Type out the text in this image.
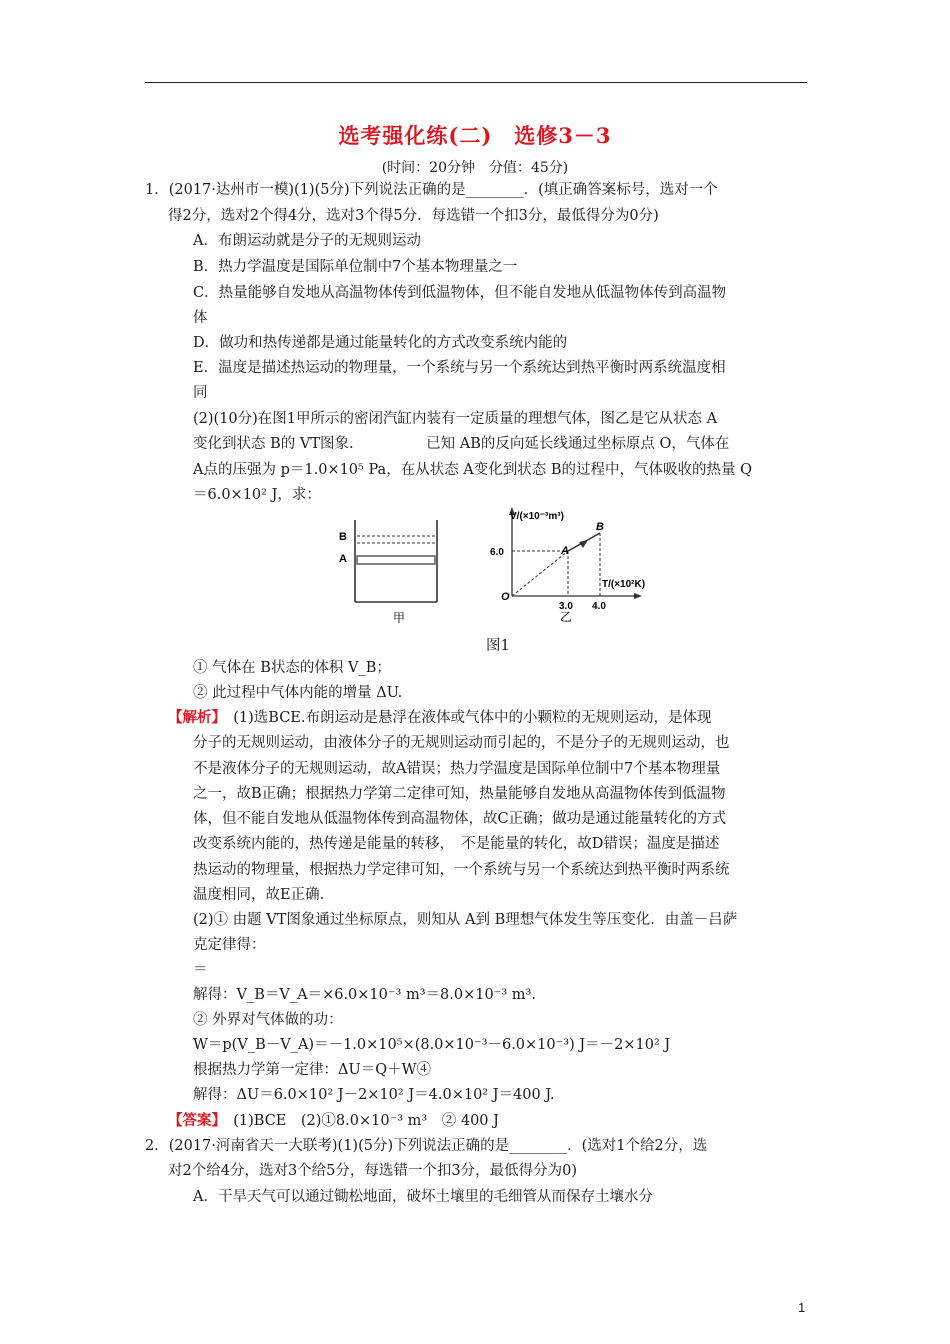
选考强化练(二)　选修3－3
(时间：20分钟　分值：45分)
1．(2017·达州市一模)(1)(5分)下列说法正确的是________．(填正确答案标号，选对一个
得2分，选对2个得4分，选对3个得5分．每选错一个扣3分，最低得分为0分)
A．布朗运动就是分子的无规则运动
B．热力学温度是国际单位制中7个基本物理量之一
C．热量能够自发地从高温物体传到低温物体，但不能自发地从低温物体传到高温物
体
D．做功和热传递都是通过能量转化的方式改变系统内能的
E．温度是描述热运动的物理量，一个系统与另一个系统达到热平衡时两系统温度相
同
(2)(10分)在图1甲所示的密闭汽缸内装有一定质量的理想气体，图乙是它从状态 A
变化到状态 B的 VT图象.　　　　　已知 AB的反向延长线通过坐标原点 O，气体在
A点的压强为 p＝1.0×10⁵ Pa，在从状态 A变化到状态 B的过程中，气体吸收的热量 Q
＝6.0×10² J，求：
B
A
甲
V/(×10⁻³m³)
T/(×10²K)
6.0
3.0 4.0
O
A
B
乙
图1
① 气体在 B状态的体积 V_B；
② 此过程中气体内能的增量 ΔU.
【解析】　(1)选BCE.布朗运动是悬浮在液体或气体中的小颗粒的无规则运动，是体现
分子的无规则运动，由液体分子的无规则运动而引起的，不是分子的无规则运动，也
不是液体分子的无规则运动，故A错误；热力学温度是国际单位制中7个基本物理量
之一，故B正确；根据热力学第二定律可知，热量能够自发地从高温物体传到低温物
体，但不能自发地从低温物体传到高温物体，故C正确；做功是通过能量转化的方式
改变系统内能的，热传递是能量的转移，　不是能量的转化，故D错误；温度是描述
热运动的物理量，根据热力学定律可知，一个系统与另一个系统达到热平衡时两系统
温度相同，故E正确.
(2)① 由题 VT图象通过坐标原点，则知从 A到 B理想气体发生等压变化．由盖－吕萨
克定律得：
＝
解得：V_B＝V_A＝×6.0×10⁻³ m³＝8.0×10⁻³ m³.
② 外界对气体做的功：
W＝p(V_B－V_A)＝－1.0×10⁵×(8.0×10⁻³－6.0×10⁻³) J＝－2×10² J
根据热力学第一定律：ΔU＝Q＋W④
解得：ΔU＝6.0×10² J－2×10² J＝4.0×10² J＝400 J.
【答案】　(1)BCE　(2)①8.0×10⁻³ m³　② 400 J
2．(2017·河南省天一大联考)(1)(5分)下列说法正确的是________．(选对1个给2分，选
对2个给4分，选对3个给5分，每选错一个扣3分，最低得分为0)
A．干旱天气可以通过锄松地面，破坏土壤里的毛细管从而保存土壤水分
1
